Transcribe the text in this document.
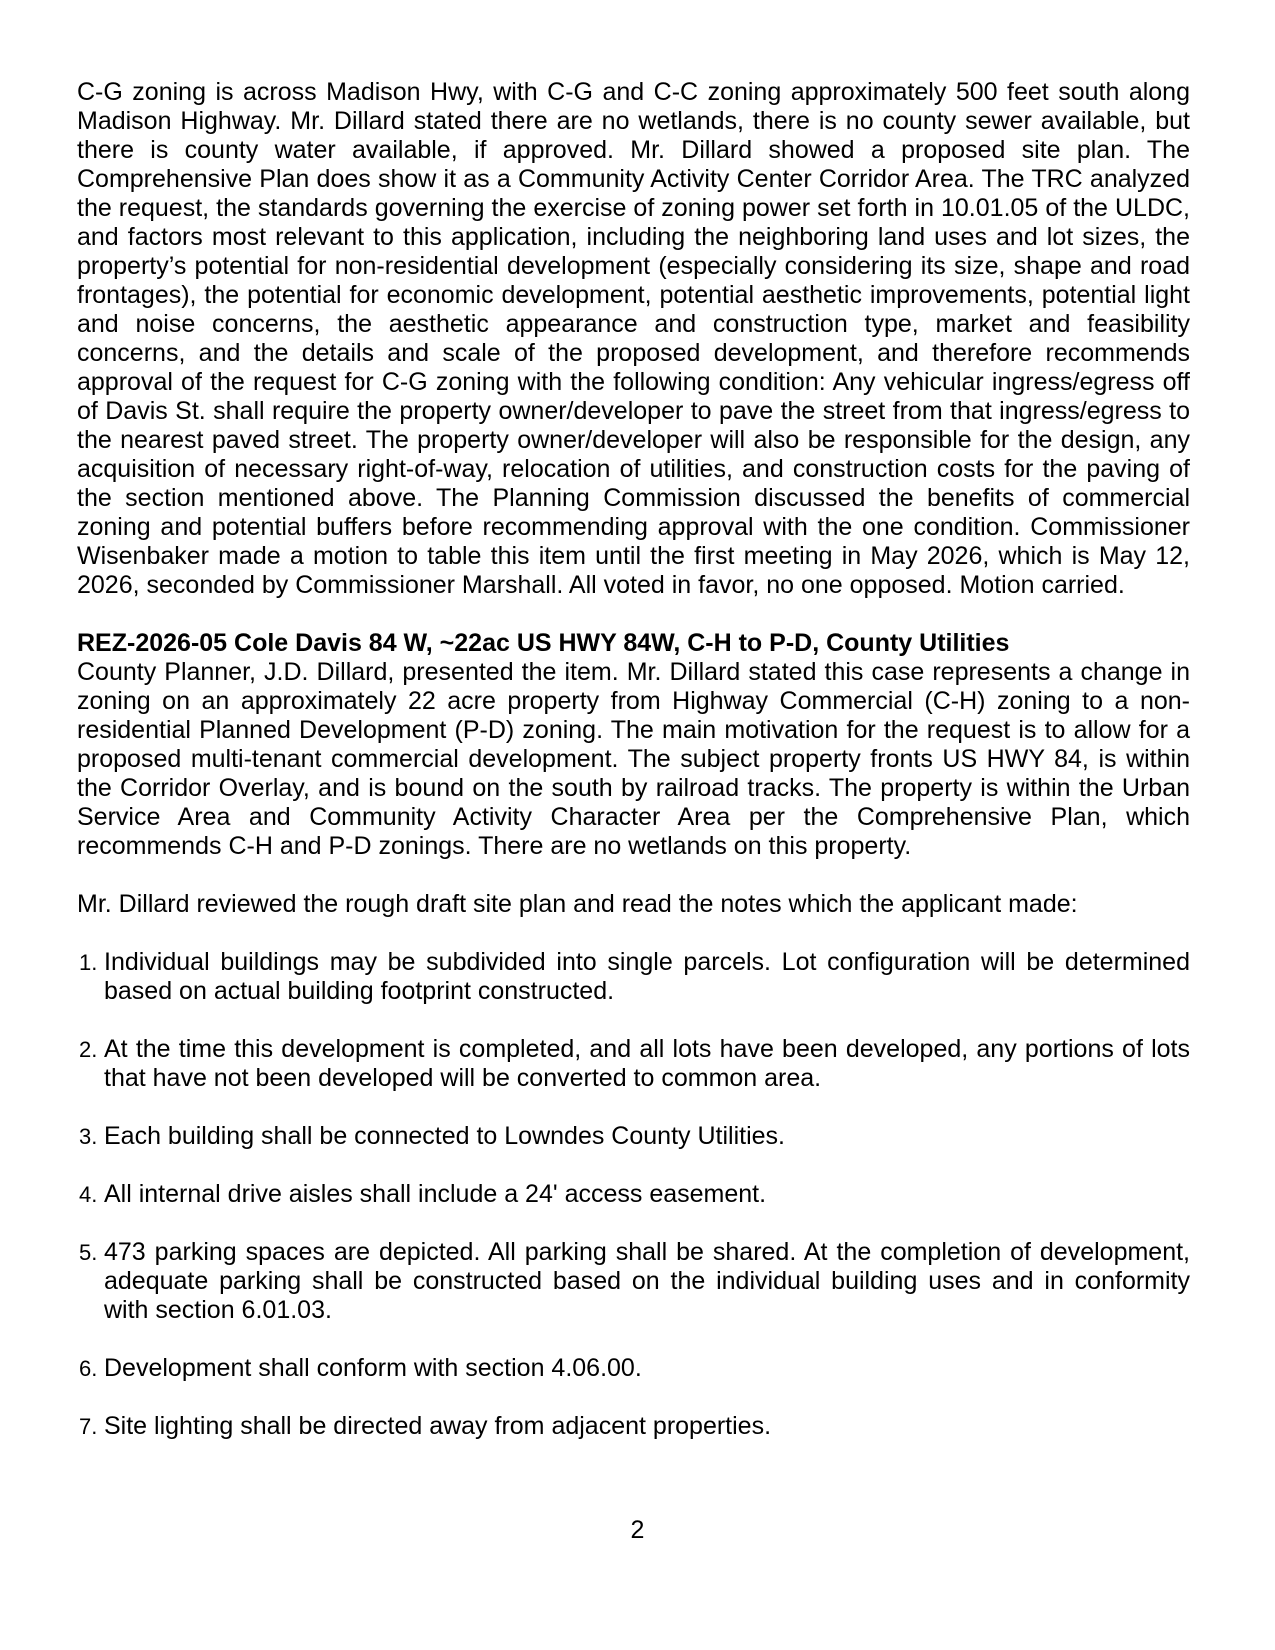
C-G zoning is across Madison Hwy, with C-G and C-C zoning approximately 500 feet south along Madison Highway. Mr. Dillard stated there are no wetlands, there is no county sewer available, but there is county water available, if approved. Mr. Dillard showed a proposed site plan. The Comprehensive Plan does show it as a Community Activity Center Corridor Area. The TRC analyzed the request, the standards governing the exercise of zoning power set forth in 10.01.05 of the ULDC, and factors most relevant to this application, including the neighboring land uses and lot sizes, the property’s potential for non-residential development (especially considering its size, shape and road frontages), the potential for economic development, potential aesthetic improvements, potential light and noise concerns, the aesthetic appearance and construction type, market and feasibility concerns, and the details and scale of the proposed development, and therefore recommends approval of the request for C-G zoning with the following condition: Any vehicular ingress/egress off of Davis St. shall require the property owner/developer to pave the street from that ingress/egress to the nearest paved street. The property owner/developer will also be responsible for the design, any acquisition of necessary right-of-way, relocation of utilities, and construction costs for the paving of the section mentioned above. The Planning Commission discussed the benefits of commercial zoning and potential buffers before recommending approval with the one condition. Commissioner Wisenbaker made a motion to table this item until the first meeting in May 2026, which is May 12, 2026, seconded by Commissioner Marshall. All voted in favor, no one opposed. Motion carried.

REZ-2026-05 Cole Davis 84 W, ~22ac US HWY 84W, C-H to P-D, County Utilities

County Planner, J.D. Dillard, presented the item. Mr. Dillard stated this case represents a change in zoning on an approximately 22 acre property from Highway Commercial (C-H) zoning to a non-residential Planned Development (P-D) zoning. The main motivation for the request is to allow for a proposed multi-tenant commercial development. The subject property fronts US HWY 84, is within the Corridor Overlay, and is bound on the south by railroad tracks. The property is within the Urban Service Area and Community Activity Character Area per the Comprehensive Plan, which recommends C-H and P-D zonings. There are no wetlands on this property.

Mr. Dillard reviewed the rough draft site plan and read the notes which the applicant made:

1. Individual buildings may be subdivided into single parcels. Lot configuration will be determined based on actual building footprint constructed.
2. At the time this development is completed, and all lots have been developed, any portions of lots that have not been developed will be converted to common area.
3. Each building shall be connected to Lowndes County Utilities.
4. All internal drive aisles shall include a 24' access easement.
5. 473 parking spaces are depicted. All parking shall be shared. At the completion of development, adequate parking shall be constructed based on the individual building uses and in conformity with section 6.01.03.
6. Development shall conform with section 4.06.00.
7. Site lighting shall be directed away from adjacent properties.
2
